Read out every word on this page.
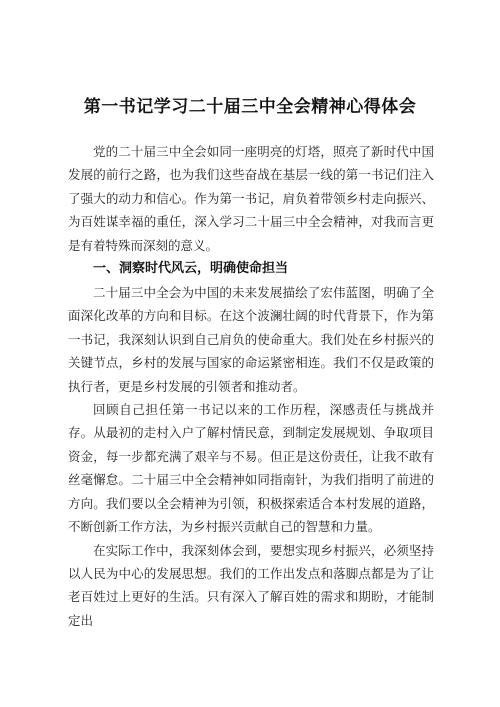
第一书记学习二十届三中全会精神心得体会

党的二十届三中全会如同一座明亮的灯塔，照亮了新时代中国发展的前行之路，也为我们这些奋战在基层一线的第一书记们注入了强大的动力和信心。作为第一书记，肩负着带领乡村走向振兴、为百姓谋幸福的重任，深入学习二十届三中全会精神，对我而言更是有着特殊而深刻的意义。

一、洞察时代风云，明确使命担当

二十届三中全会为中国的未来发展描绘了宏伟蓝图，明确了全面深化改革的方向和目标。在这个波澜壮阔的时代背景下，作为第一书记，我深刻认识到自己肩负的使命重大。我们处在乡村振兴的关键节点，乡村的发展与国家的命运紧密相连。我们不仅是政策的执行者，更是乡村发展的引领者和推动者。

回顾自己担任第一书记以来的工作历程，深感责任与挑战并存。从最初的走村入户了解村情民意，到制定发展规划、争取项目资金，每一步都充满了艰辛与不易。但正是这份责任，让我不敢有丝毫懈怠。二十届三中全会精神如同指南针，为我们指明了前进的方向。我们要以全会精神为引领，积极探索适合本村发展的道路，不断创新工作方法，为乡村振兴贡献自己的智慧和力量。

在实际工作中，我深刻体会到，要想实现乡村振兴，必须坚持以人民为中心的发展思想。我们的工作出发点和落脚点都是为了让老百姓过上更好的生活。只有深入了解百姓的需求和期盼，才能制定出
